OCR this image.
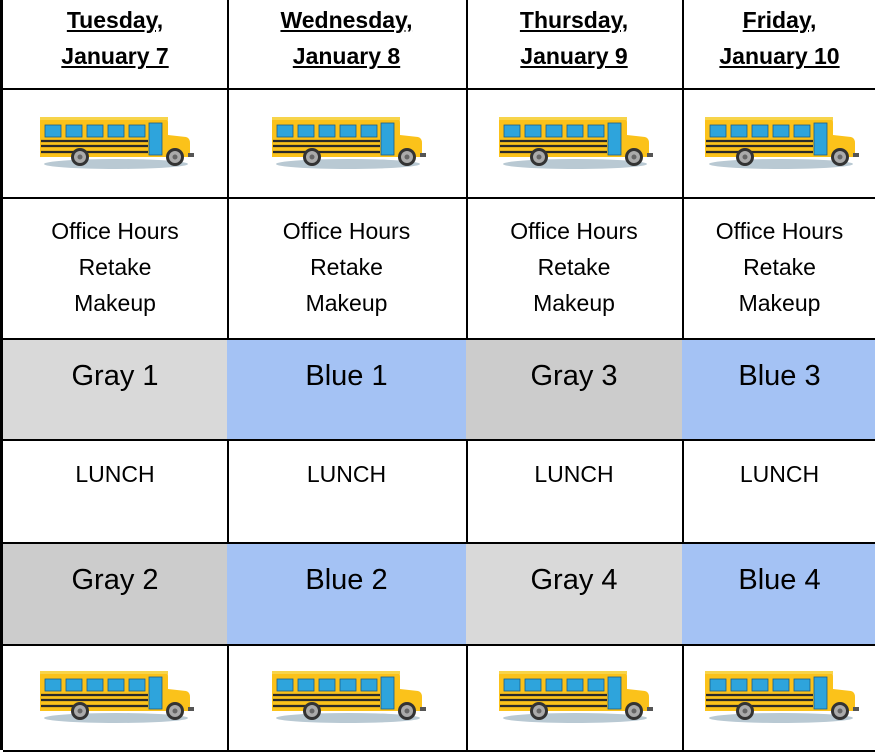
Tuesday,
January 7
Office Hours
Retake
Makeup
Gray 1
LUNCH
Gray 2
Wednesday,
January 8
Office Hours
Retake
Makeup
Blue 1
LUNCH
Blue 2
Thursday,
January 9
Office Hours
Retake
Makeup
Gray 3
LUNCH
Gray 4
Friday,
January 10
Office Hours
Retake
Makeup
Blue 3
LUNCH
Blue 4
